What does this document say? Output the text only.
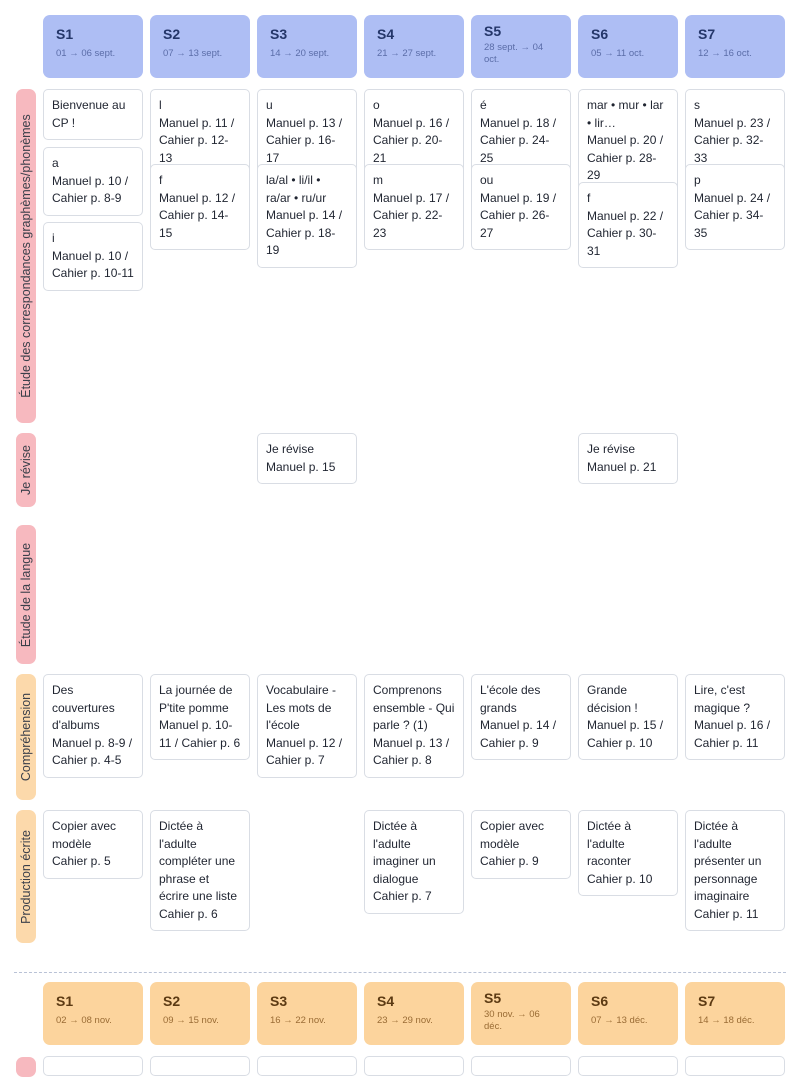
S1
01 → 06 sept.
S2
07 → 13 sept.
S3
14 → 20 sept.
S4
21 → 27 sept.
S5
28 sept. → 04 oct.
S6
05 → 11 oct.
S7
12 → 16 oct.
S1
02 → 08 nov.
S2
09 → 15 nov.
S3
16 → 22 nov.
S4
23 → 29 nov.
S5
30 nov. → 06 déc.
S6
07 → 13 déc.
S7
14 → 18 déc.
Étude des correspondances graphèmes/phonèmes
Je révise
Étude de la langue
Compréhension
Production écrite
Bienvenue au CP !
a
Manuel p. 10 / Cahier p. 8-9
i
Manuel p. 10 / Cahier p. 10-11
l
Manuel p. 11 / Cahier p. 12-13
f
Manuel p. 12 / Cahier p. 14-15
u
Manuel p. 13 / Cahier p. 16-17
la/al • li/il • ra/ar • ru/ur
Manuel p. 14 / Cahier p. 18-19
o
Manuel p. 16 / Cahier p. 20-21
m
Manuel p. 17 / Cahier p. 22-23
é
Manuel p. 18 / Cahier p. 24-25
ou
Manuel p. 19 / Cahier p. 26-27
mar • mur • lar • lir…
Manuel p. 20 / Cahier p. 28-29
f
Manuel p. 22 / Cahier p. 30-31
s
Manuel p. 23 / Cahier p. 32-33
p
Manuel p. 24 / Cahier p. 34-35
Je révise
Manuel p. 15
Je révise
Manuel p. 21
Des couvertures d'albums
Manuel p. 8-9 / Cahier p. 4-5
La journée de P'tite pomme
Manuel p. 10-11 / Cahier p. 6
Vocabulaire - Les mots de l'école
Manuel p. 12 / Cahier p. 7
Comprenons ensemble - Qui parle ? (1)
Manuel p. 13 / Cahier p. 8
L'école des grands
Manuel p. 14 / Cahier p. 9
Grande décision !
Manuel p. 15 / Cahier p. 10
Lire, c'est magique ?
Manuel p. 16 / Cahier p. 11
Copier avec modèle
Cahier p. 5
Dictée à l'adulte compléter une phrase et écrire une liste
Cahier p. 6
Dictée à l'adulte imaginer un dialogue
Cahier p. 7
Copier avec modèle
Cahier p. 9
Dictée à l'adulte raconter
Cahier p. 10
Dictée à l'adulte présenter un personnage imaginaire
Cahier p. 11
